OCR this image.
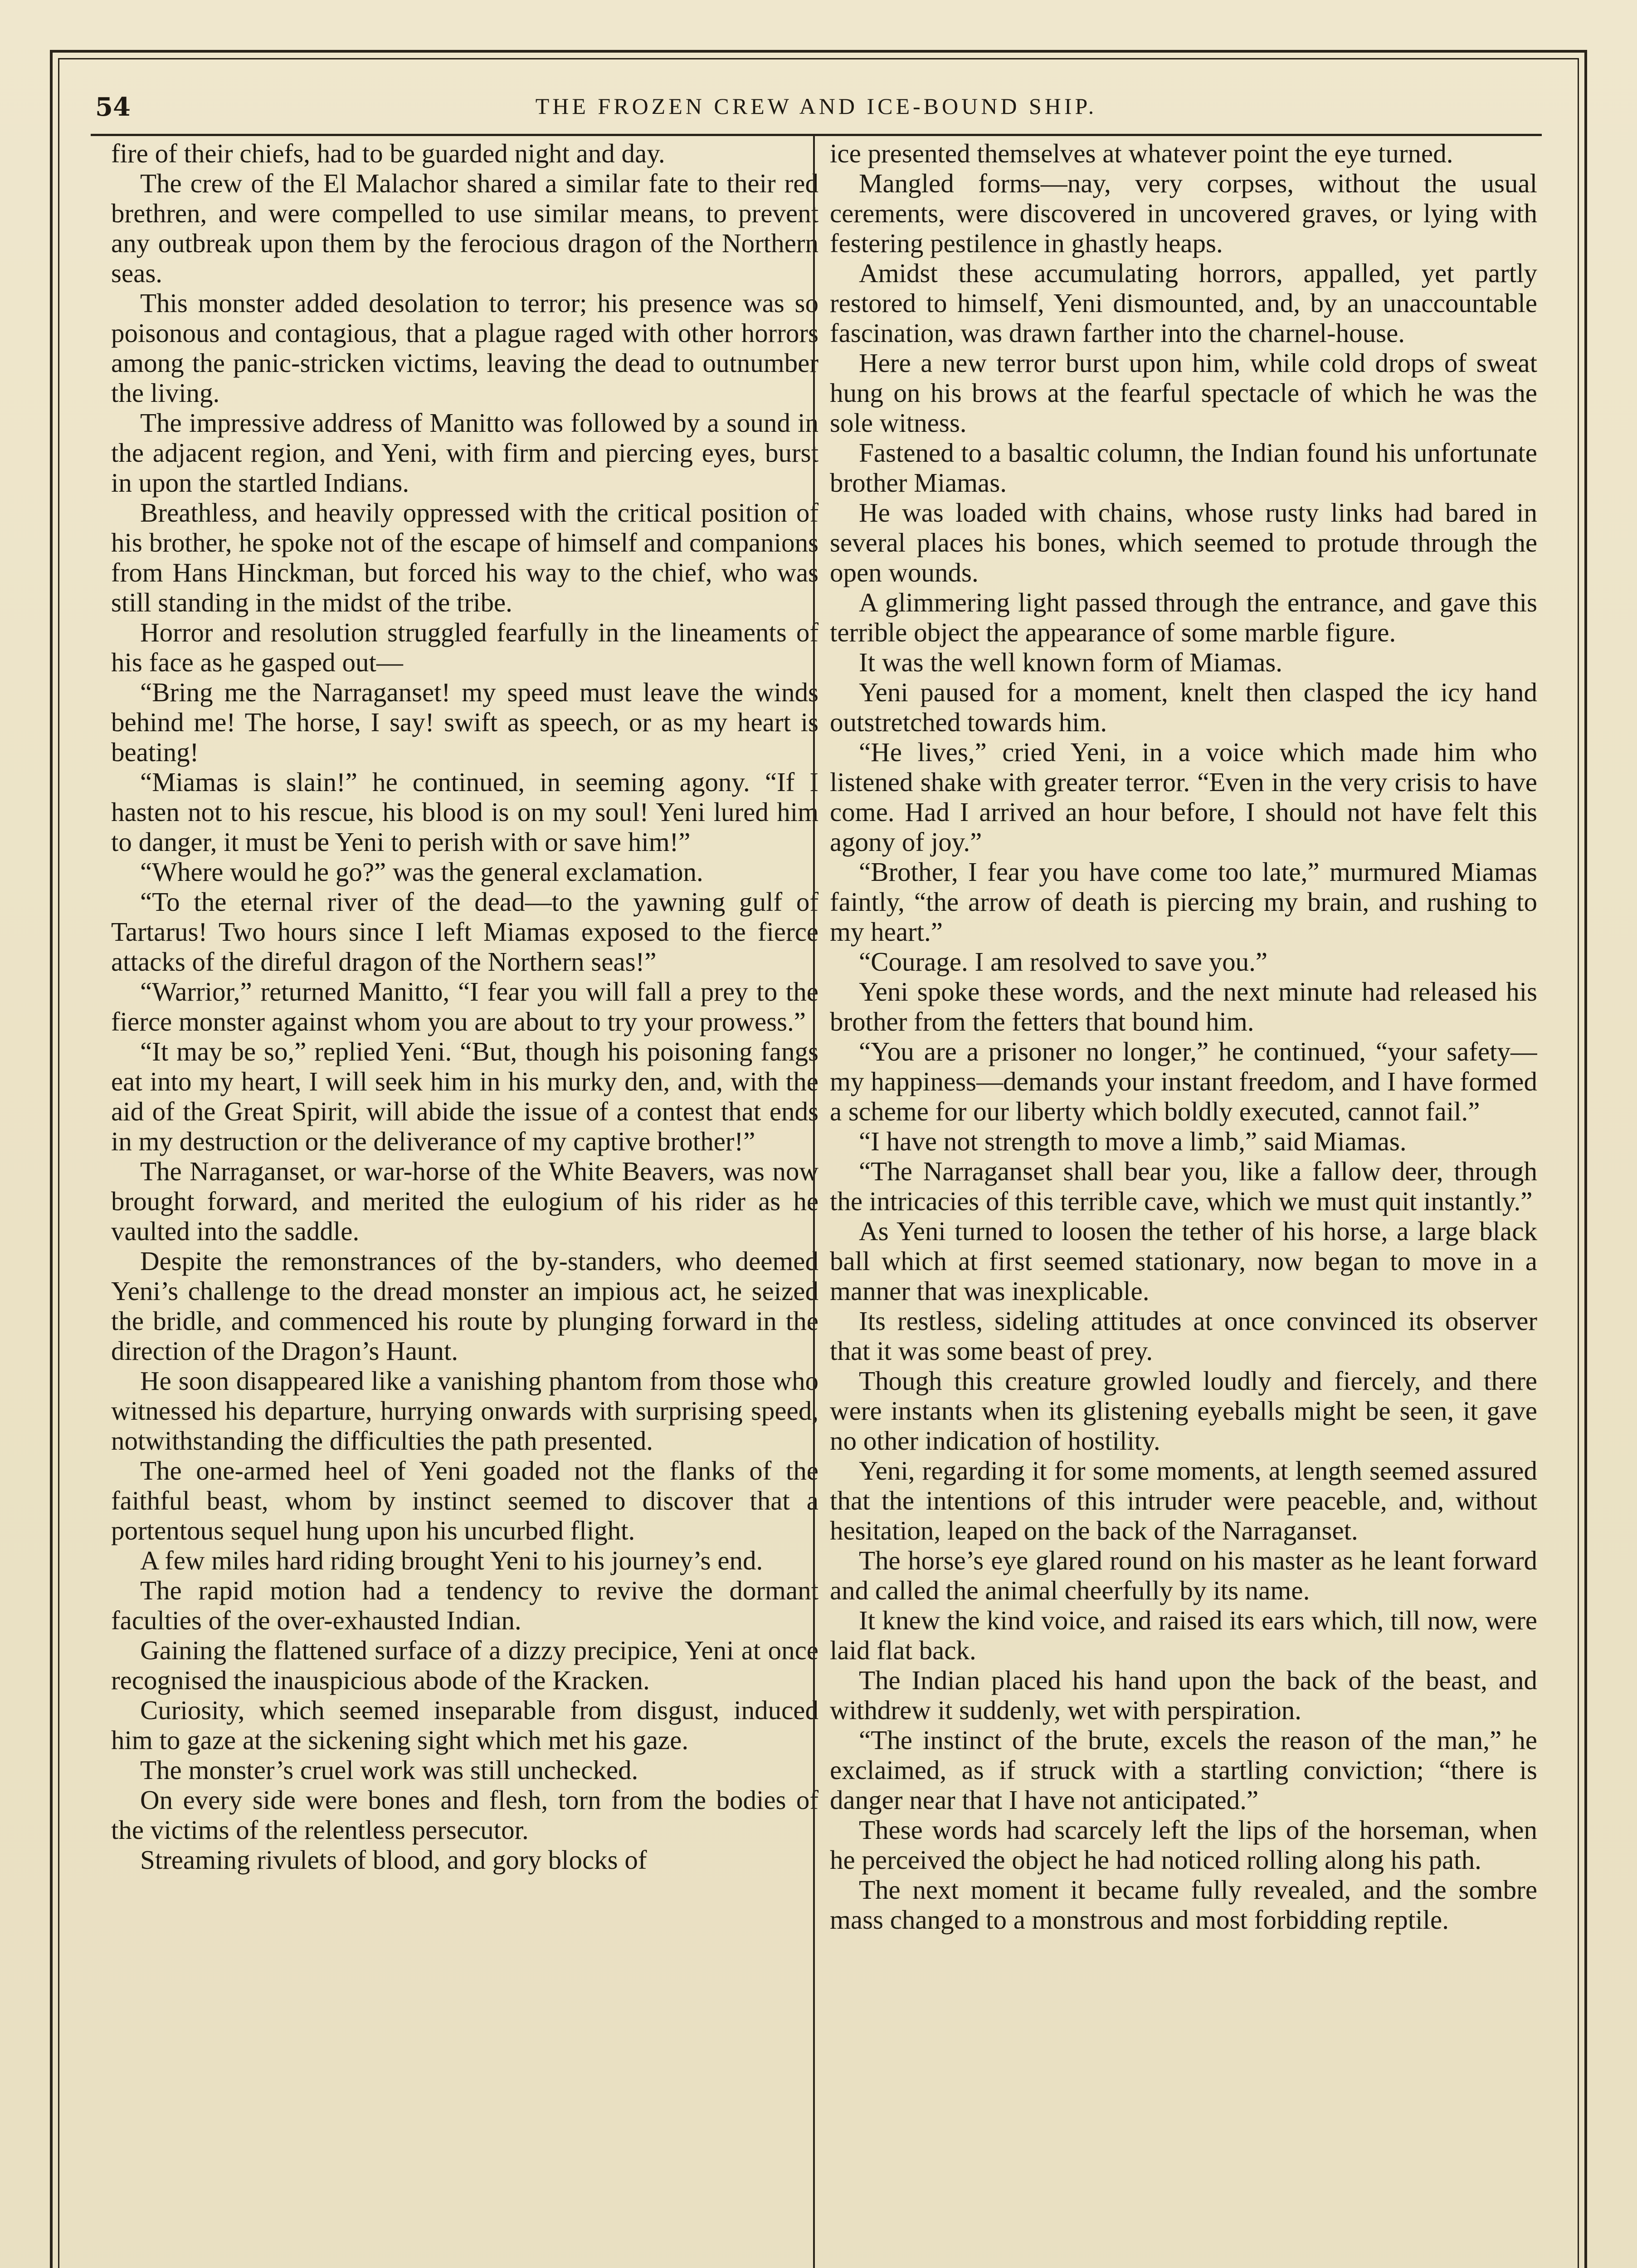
54	THE FROZEN CREW AND ICE-BOUND SHIP.

fire of their chiefs, had to be guarded night and day.

The crew of the El Malachor shared a similar fate to their red brethren, and were compelled to use similar means, to prevent any outbreak upon them by the ferocious dragon of the Northern seas.

This monster added desolation to terror; his presence was so poisonous and contagious, that a plague raged with other horrors among the panic-stricken victims, leaving the dead to outnumber the living.

The impressive address of Manitto was followed by a sound in the adjacent region, and Yeni, with firm and piercing eyes, burst in upon the startled Indians.

Breathless, and heavily oppressed with the critical position of his brother, he spoke not of the escape of himself and companions from Hans Hinckman, but forced his way to the chief, who was still standing in the midst of the tribe.

Horror and resolution struggled fearfully in the lineaments of his face as he gasped out—

“Bring me the Narraganset! my speed must leave the winds behind me! The horse, I say! swift as speech, or as my heart is beating!

“Miamas is slain!” he continued, in seeming agony. “If I hasten not to his rescue, his blood is on my soul! Yeni lured him to danger, it must be Yeni to perish with or save him!”

“Where would he go?” was the general exclamation.

“To the eternal river of the dead—to the yawning gulf of Tartarus! Two hours since I left Miamas exposed to the fierce attacks of the direful dragon of the Northern seas!”

“Warrior,” returned Manitto, “I fear you will fall a prey to the fierce monster against whom you are about to try your prowess.”

“It may be so,” replied Yeni. “But, though his poisoning fangs eat into my heart, I will seek him in his murky den, and, with the aid of the Great Spirit, will abide the issue of a contest that ends in my destruction or the deliverance of my captive brother!”

The Narraganset, or war-horse of the White Beavers, was now brought forward, and merited the eulogium of his rider as he vaulted into the saddle.

Despite the remonstrances of the by-standers, who deemed Yeni’s challenge to the dread monster an impious act, he seized the bridle, and commenced his route by plunging forward in the direction of the Dragon’s Haunt.

He soon disappeared like a vanishing phantom from those who witnessed his departure, hurrying onwards with surprising speed, notwithstanding the difficulties the path presented.

The one-armed heel of Yeni goaded not the flanks of the faithful beast, whom by instinct seemed to discover that a portentous sequel hung upon his uncurbed flight.

A few miles hard riding brought Yeni to his journey’s end.

The rapid motion had a tendency to revive the dormant faculties of the over-exhausted Indian.

Gaining the flattened surface of a dizzy precipice, Yeni at once recognised the inauspicious abode of the Kracken.

Curiosity, which seemed inseparable from disgust, induced him to gaze at the sickening sight which met his gaze.

The monster’s cruel work was still unchecked.

On every side were bones and flesh, torn from the bodies of the victims of the relentless persecutor.

Streaming rivulets of blood, and gory blocks of

ice presented themselves at whatever point the eye turned.

Mangled forms—nay, very corpses, without the usual cerements, were discovered in uncovered graves, or lying with festering pestilence in ghastly heaps.

Amidst these accumulating horrors, appalled, yet partly restored to himself, Yeni dismounted, and, by an unaccountable fascination, was drawn farther into the charnel-house.

Here a new terror burst upon him, while cold drops of sweat hung on his brows at the fearful spectacle of which he was the sole witness.

Fastened to a basaltic column, the Indian found his unfortunate brother Miamas.

He was loaded with chains, whose rusty links had bared in several places his bones, which seemed to protude through the open wounds.

A glimmering light passed through the entrance, and gave this terrible object the appearance of some marble figure.

It was the well known form of Miamas.

Yeni paused for a moment, knelt then clasped the icy hand outstretched towards him.

“He lives,” cried Yeni, in a voice which made him who listened shake with greater terror. “Even in the very crisis to have come. Had I arrived an hour before, I should not have felt this agony of joy.”

“Brother, I fear you have come too late,” murmured Miamas faintly, “the arrow of death is piercing my brain, and rushing to my heart.”

“Courage. I am resolved to save you.”

Yeni spoke these words, and the next minute had released his brother from the fetters that bound him.

“You are a prisoner no longer,” he continued, “your safety—my happiness—demands your instant freedom, and I have formed a scheme for our liberty which boldly executed, cannot fail.”

“I have not strength to move a limb,” said Miamas.

“The Narraganset shall bear you, like a fallow deer, through the intricacies of this terrible cave, which we must quit instantly.”

As Yeni turned to loosen the tether of his horse, a large black ball which at first seemed stationary, now began to move in a manner that was inexplicable.

Its restless, sideling attitudes at once convinced its observer that it was some beast of prey.

Though this creature growled loudly and fiercely, and there were instants when its glistening eyeballs might be seen, it gave no other indication of hostility.

Yeni, regarding it for some moments, at length seemed assured that the intentions of this intruder were peaceble, and, without hesitation, leaped on the back of the Narraganset.

The horse’s eye glared round on his master as he leant forward and called the animal cheerfully by its name.

It knew the kind voice, and raised its ears which, till now, were laid flat back.

The Indian placed his hand upon the back of the beast, and withdrew it suddenly, wet with perspiration.

“The instinct of the brute, excels the reason of the man,” he exclaimed, as if struck with a startling conviction; “there is danger near that I have not anticipated.”

These words had scarcely left the lips of the horseman, when he perceived the object he had noticed rolling along his path.

The next moment it became fully revealed, and the sombre mass changed to a monstrous and most forbidding reptile.
